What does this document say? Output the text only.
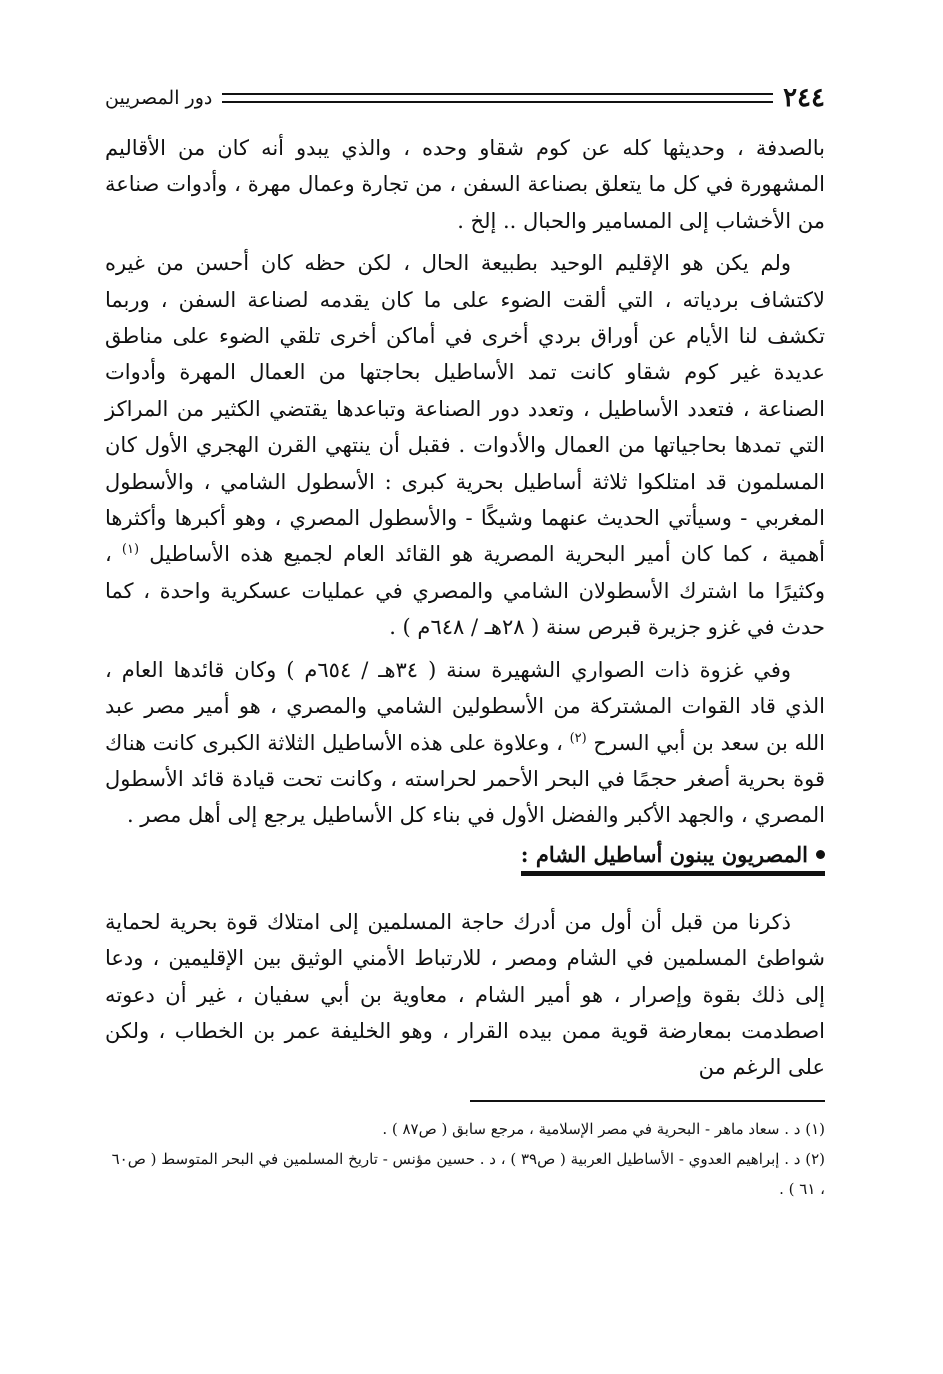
٢٤٤
دور المصريين

بالصدفة ، وحديثها كله عن كوم شقاو وحده ، والذي يبدو أنه كان من الأقاليم المشهورة في كل ما يتعلق بصناعة السفن ، من تجارة وعمال مهرة ، وأدوات صناعة من الأخشاب إلى المسامير والحبال .. إلخ .

ولم يكن هو الإقليم الوحيد بطبيعة الحال ، لكن حظه كان أحسن من غيره لاكتشاف بردياته ، التي ألقت الضوء على ما كان يقدمه لصناعة السفن ، وربما تكشف لنا الأيام عن أوراق بردي أخرى في أماكن أخرى تلقي الضوء على مناطق عديدة غير كوم شقاو كانت تمد الأساطيل بحاجتها من العمال المهرة وأدوات الصناعة ، فتعدد الأساطيل ، وتعدد دور الصناعة وتباعدها يقتضي الكثير من المراكز التي تمدها بحاجياتها من العمال والأدوات . فقبل أن ينتهي القرن الهجري الأول كان المسلمون قد امتلكوا ثلاثة أساطيل بحرية كبرى : الأسطول الشامي ، والأسطول المغربي - وسيأتي الحديث عنهما وشيكًا - والأسطول المصري ، وهو أكبرها وأكثرها أهمية ، كما كان أمير البحرية المصرية هو القائد العام لجميع هذه الأساطيل $^{(١)}$ ، وكثيرًا ما اشترك الأسطولان الشامي والمصري في عمليات عسكرية واحدة ، كما حدث في غزو جزيرة قبرص سنة ( ٢٨هـ / ٦٤٨م ) .

وفي غزوة ذات الصواري الشهيرة سنة ( ٣٤هـ / ٦٥٤م ) وكان قائدها العام ، الذي قاد القوات المشتركة من الأسطولين الشامي والمصري ، هو أمير مصر عبد الله بن سعد بن أبي السرح $^{(٢)}$ ، وعلاوة على هذه الأساطيل الثلاثة الكبرى كانت هناك قوة بحرية أصغر حجمًا في البحر الأحمر لحراسته ، وكانت تحت قيادة قائد الأسطول المصري ، والجهد الأكبر والفضل الأول في بناء كل الأساطيل يرجع إلى أهل مصر .

المصريون يبنون أساطيل الشام :

ذكرنا من قبل أن أول من أدرك حاجة المسلمين إلى امتلاك قوة بحرية لحماية شواطئ المسلمين في الشام ومصر ، للارتباط الأمني الوثيق بين الإقليمين ، ودعا إلى ذلك بقوة وإصرار ، هو أمير الشام ، معاوية بن أبي سفيان ، غير أن دعوته اصطدمت بمعارضة قوية ممن بيده القرار ، وهو الخليفة عمر بن الخطاب ، ولكن على الرغم من

(١) د . سعاد ماهر - البحرية في مصر الإسلامية ، مرجع سابق ( ص٨٧ ) .

(٢) د . إبراهيم العدوي - الأساطيل العربية ( ص٣٩ ) ، د . حسين مؤنس - تاريخ المسلمين في البحر المتوسط ( ص٦٠ ، ٦١ ) .
